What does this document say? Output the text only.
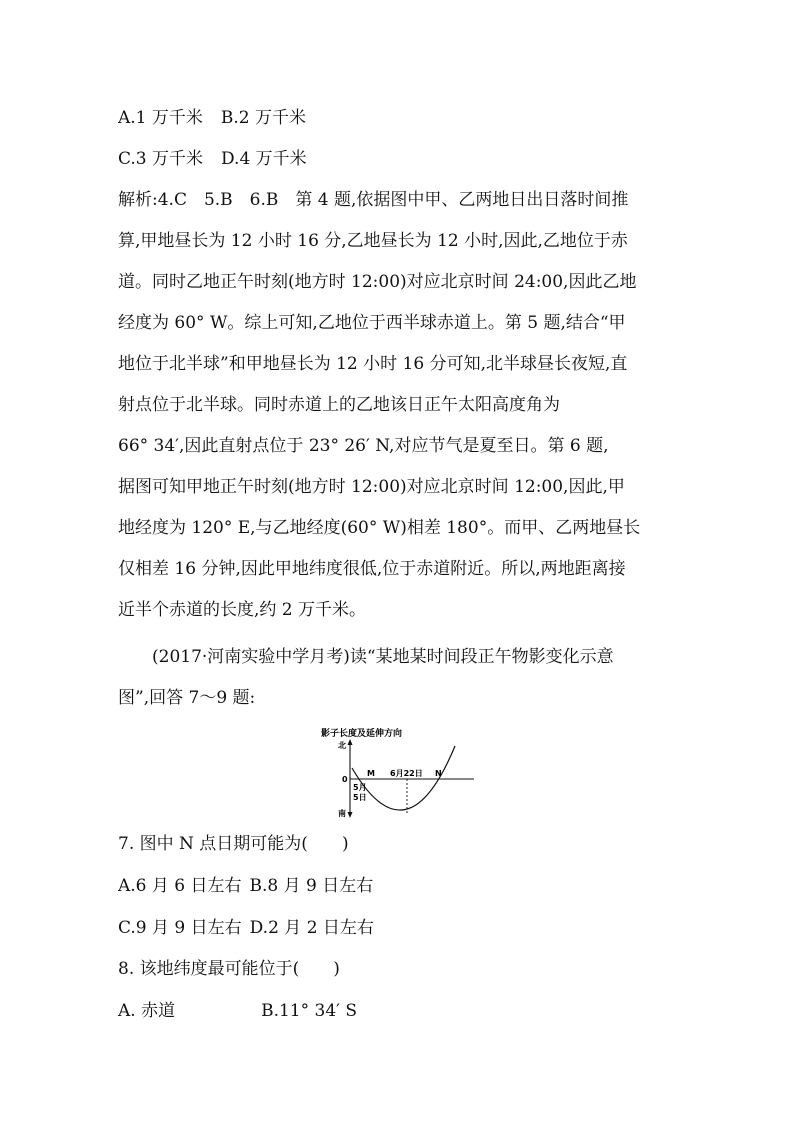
A.1 万千米 B.2 万千米
C.3 万千米 D.4 万千米
解析:4.C　5.B　6.B　第 4 题,依据图中甲、乙两地日出日落时间推
算,甲地昼长为 12 小时 16 分,乙地昼长为 12 小时,因此,乙地位于赤
道。同时乙地正午时刻(地方时 12:00)对应北京时间 24:00,因此乙地
经度为 60° W。综上可知,乙地位于西半球赤道上。第 5 题,结合“甲
地位于北半球”和甲地昼长为 12 小时 16 分可知,北半球昼长夜短,直
射点位于北半球。同时赤道上的乙地该日正午太阳高度角为
66° 34′,因此直射点位于 23° 26′ N,对应节气是夏至日。第 6 题,
据图可知甲地正午时刻(地方时 12:00)对应北京时间 12:00,因此,甲
地经度为 120° E,与乙地经度(60° W)相差 180°。而甲、乙两地昼长
仅相差 16 分钟,因此甲地纬度很低,位于赤道附近。所以,两地距离接
近半个赤道的长度,约 2 万千米。
(2017·河南实验中学月考)读“某地某时间段正午物影变化示意
图”,回答 7～9 题:
影子长度及延伸方向
北
南
0
M 6月22日 N
5月
5日
7. 图中 N 点日期可能为(　　)
A.6 月 6 日左右 B.8 月 9 日左右
C.9 月 9 日左右 D.2 月 2 日左右
8. 该地纬度最可能位于(　　)
A. 赤道	B.11° 34′ S
